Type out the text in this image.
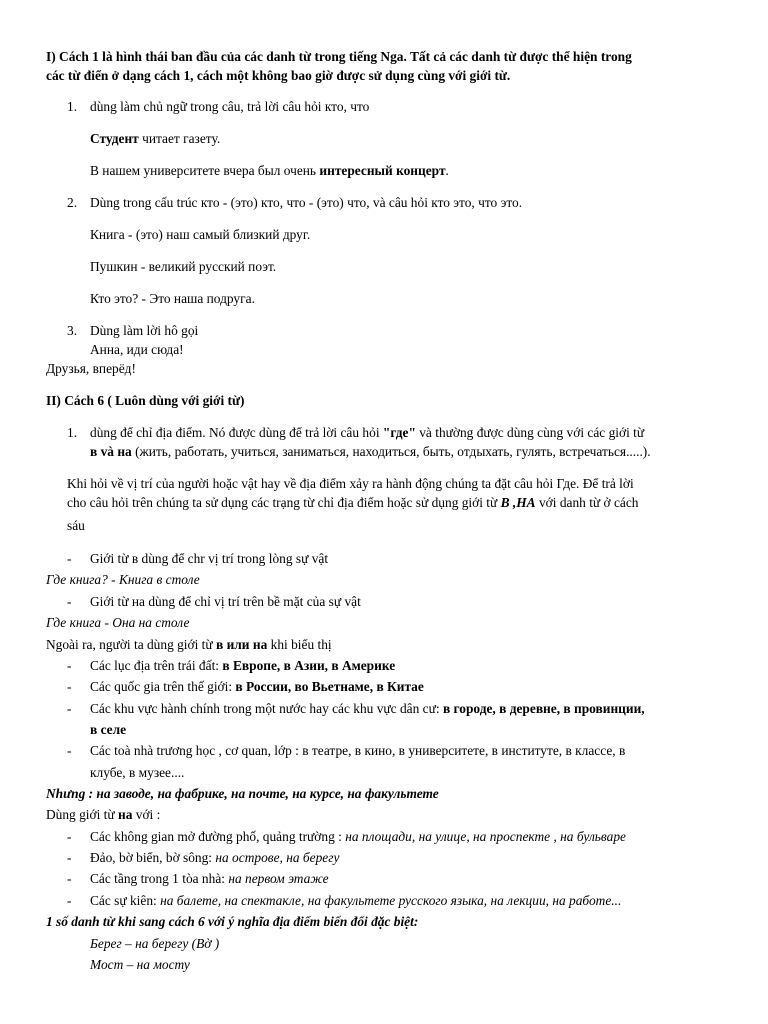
I) Cách 1 là hình thái ban đầu của các danh từ trong tiếng Nga. Tất cả các danh từ được thể hiện trong
các từ điển ở dạng cách 1, cách một không bao giờ được sử dụng cùng với giới từ.
1. dùng làm chủ ngữ trong câu, trả lời câu hỏi кто, что
Студент читает газету.
В нашем университете вчера был очень интересный концерт.
2. Dùng trong cấu trúc кто - (это) кто, что - (это) что, và câu hỏi кто это, что это.
Книга - (это) наш самый близкий друг.
Пушкин - великий русский поэт.
Кто это? - Это наша подруга.
3. Dùng làm lời hô gọi
Анна, иди сюда!
Друзья, вперёд!
II) Cách 6 ( Luôn dùng với giới từ)
1. dùng để chỉ địa điểm. Nó được dùng để trả lời câu hỏi "где" và thường được dùng cùng với các giới từ
в và на (жить, работать, учиться, заниматься, находиться, быть, отдыхать, гулять, встречаться.....).
Khi hỏi về vị trí của người hoặc vật hay về địa điểm xảy ra hành động chúng ta đặt câu hỏi Где. Để trả lời
cho câu hỏi trên chúng ta sử dụng các trạng từ chỉ địa điểm hoặc sử dụng giới từ В ,НА với danh từ ở cách
sáu
- Giới từ в dùng để chr vị trí trong lòng sự vật
Где книга? - Книга в столе
- Giới từ на dùng để chỉ vị trí trên bề mặt của sự vật
Где книга - Она на столе
Ngoài ra, người ta dùng giới từ в или на khi biểu thị
- Các lục địa trên trái đất: в Европе, в Азии, в Америке
- Các quốc gia trên thế giới: в России, во Вьетнаме, в Китае
- Các khu vực hành chính trong một nước hay các khu vực dân cư: в городе, в деревне, в провинции,
в селе
- Các toà nhà trương học , cơ quan, lớp : в театре, в кино, в университете, в институте, в классе, в
клубе, в музее....
Nhưng : на заводе, на фабрике, на почте, на курсе, на факультете
Dùng giới từ на với :
- Các không gian mở đường phố, quảng trường : на площади, на улице, на проспекте , на бульваре
- Đảo, bờ biển, bờ sông: на острове, на берегу
- Các tầng trong 1 tòa nhà: на первом этаже
- Các sự kiên: на балете, на спектакле, на факультете русского языка, на лекции, на работе...
1 số danh từ khi sang cách 6 với ý nghĩa địa điểm biến đổi đặc biệt:
Берег – на берегу (Bờ )
Мост – на мосту
